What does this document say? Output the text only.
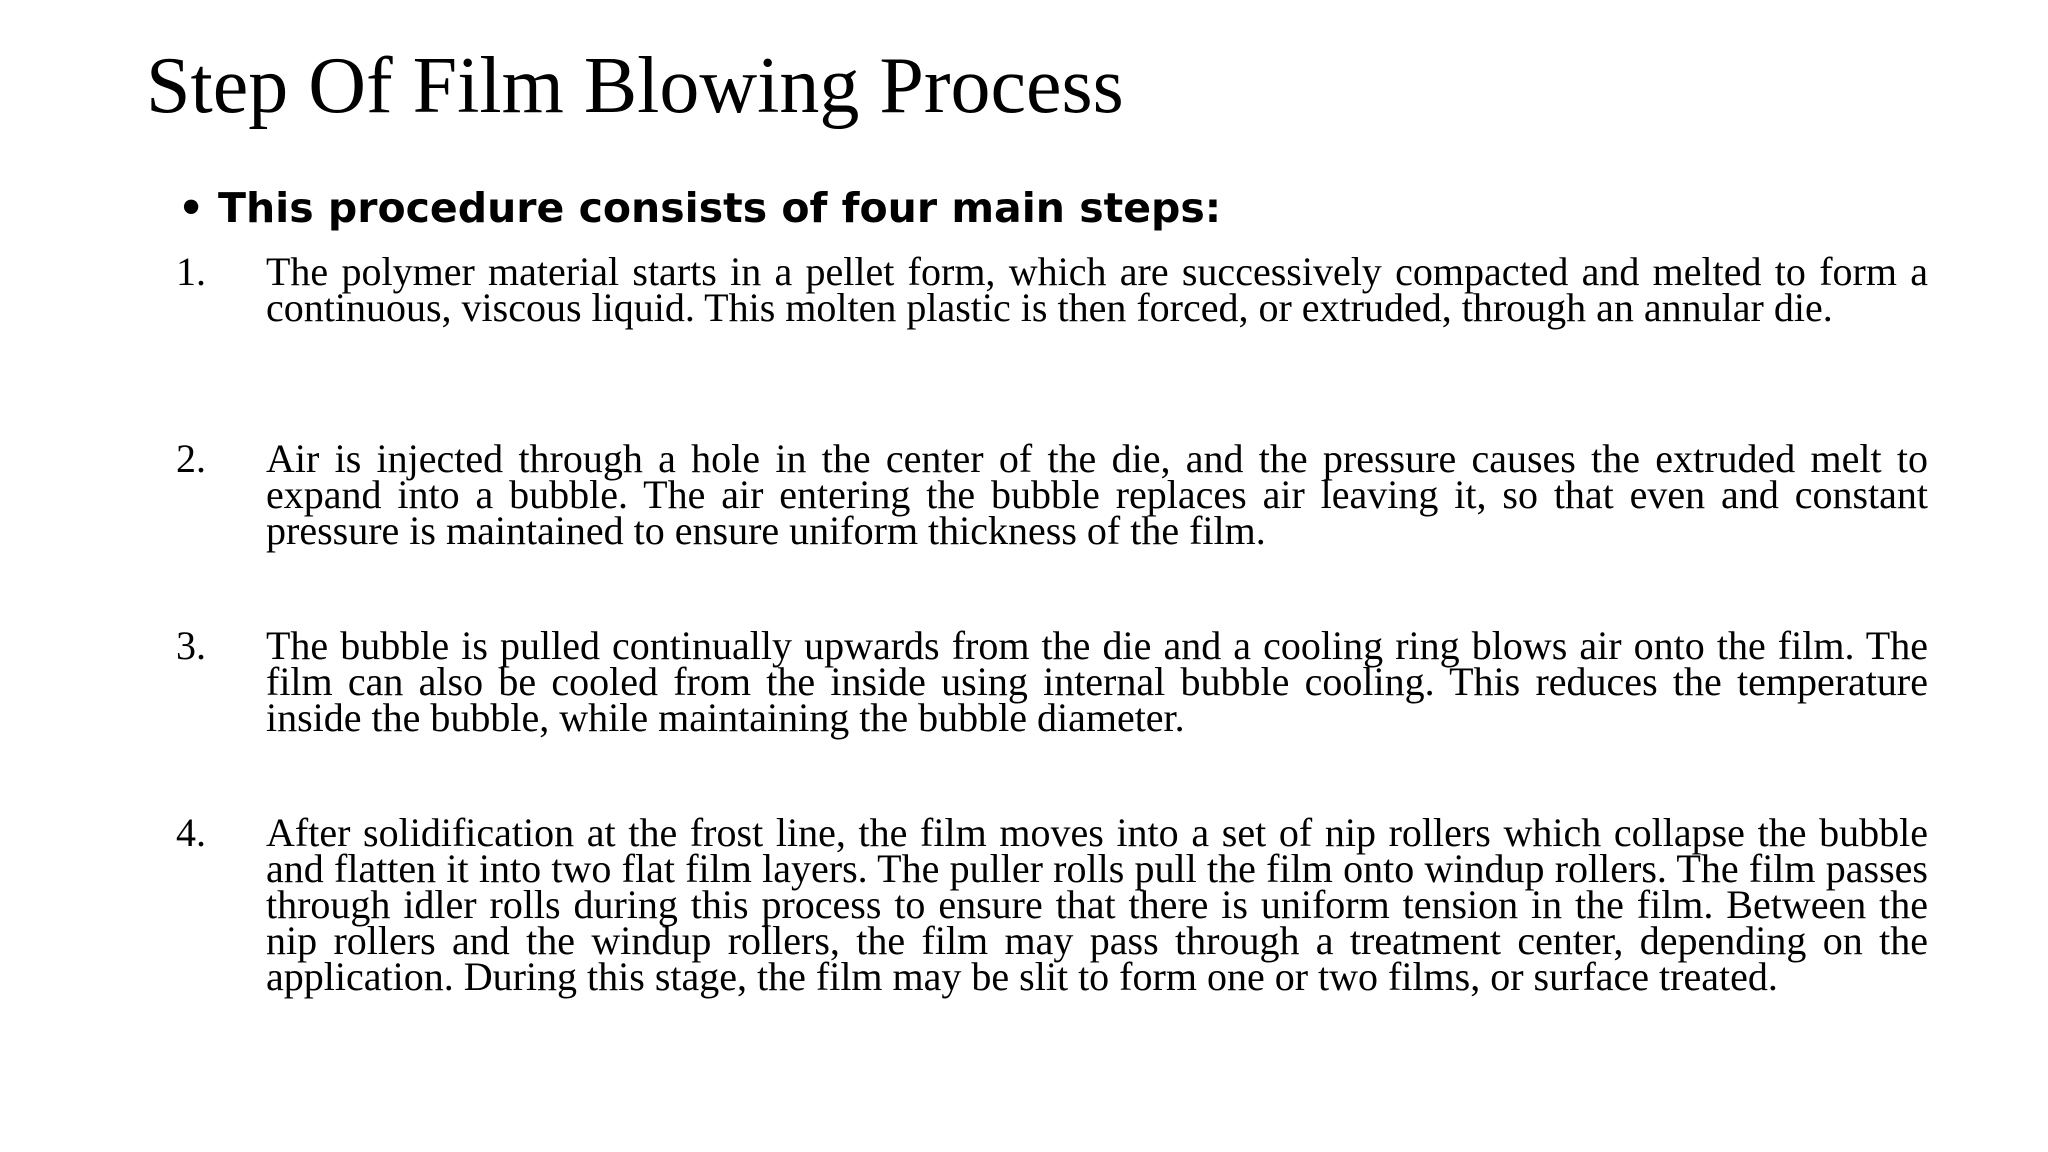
Step Of Film Blowing Process
• This procedure consists of four main steps:
1.	The polymer material starts in a pellet form, which are successively compacted and melted to form a continuous, viscous liquid. This molten plastic is then forced, or extruded, through an annular die.
2.	Air is injected through a hole in the center of the die, and the pressure causes the extruded melt to expand into a bubble. The air entering the bubble replaces air leaving it, so that even and constant pressure is maintained to ensure uniform thickness of the film.
3.	The bubble is pulled continually upwards from the die and a cooling ring blows air onto the film. The film can also be cooled from the inside using internal bubble cooling. This reduces the temperature inside the bubble, while maintaining the bubble diameter.
4.	After solidification at the frost line, the film moves into a set of nip rollers which collapse the bubble and flatten it into two flat film layers. The puller rolls pull the film onto windup rollers. The film passes through idler rolls during this process to ensure that there is uniform tension in the film. Between the nip rollers and the windup rollers, the film may pass through a treatment center, depending on the application. During this stage, the film may be slit to form one or two films, or surface treated.
